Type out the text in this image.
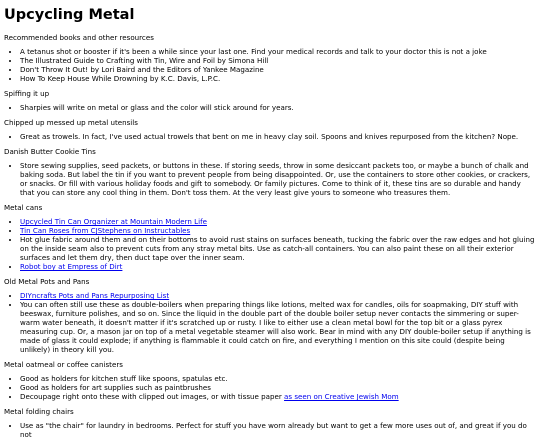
Upcycling Metal

Recommended books and other resources

• A tetanus shot or booster if it's been a while since your last one. Find your medical records and talk to your doctor this is not a joke
• The Illustrated Guide to Crafting with Tin, Wire and Foil by Simona Hill
• Don't Throw It Out! by Lori Baird and the Editors of Yankee Magazine
• How To Keep House While Drowning by K.C. Davis, L.P.C.

Spiffing it up

• Sharpies will write on metal or glass and the color will stick around for years.

Chipped up messed up metal utensils

• Great as trowels. In fact, I've used actual trowels that bent on me in heavy clay soil. Spoons and knives repurposed from the kitchen? Nope.

Danish Butter Cookie Tins

• Store sewing supplies, seed packets, or buttons in these. If storing seeds, throw in some desiccant packets too, or maybe a bunch of chalk and baking soda. But label the tin if you want to prevent people from being disappointed. Or, use the containers to store other cookies, or crackers, or snacks. Or fill with various holiday foods and gift to somebody. Or family pictures. Come to think of it, these tins are so durable and handy that you can store any cool thing in them. Don't toss them. At the very least give yours to someone who treasures them.

Metal cans

• Upcycled Tin Can Organizer at Mountain Modern Life
• Tin Can Roses from CJStephens on Instructables
• Hot glue fabric around them and on their bottoms to avoid rust stains on surfaces beneath, tucking the fabric over the raw edges and hot gluing on the inside seam also to prevent cuts from any stray metal bits. Use as catch-all containers. You can also paint these on all their exterior surfaces and let them dry, then duct tape over the inner seam.
• Robot boy at Empress of Dirt

Old Metal Pots and Pans

• DIYncrafts Pots and Pans Repurposing List
• You can often still use these as double-boilers when preparing things like lotions, melted wax for candles, oils for soapmaking, DIY stuff with beeswax, furniture polishes, and so on. Since the liquid in the double part of the double boiler setup never contacts the simmering or super-warm water beneath, it doesn't matter if it's scratched up or rusty. I like to either use a clean metal bowl for the top bit or a glass pyrex measuring cup. Or, a mason jar on top of a metal vegetable steamer will also work. Bear in mind with any DIY double-boiler setup if anything is made of glass it could explode; if anything is flammable it could catch on fire, and everything I mention on this site could (despite being unlikely) in theory kill you.

Metal oatmeal or coffee canisters

• Good as holders for kitchen stuff like spoons, spatulas etc.
• Good as holders for art supplies such as paintbrushes
• Decoupage right onto these with clipped out images, or with tissue paper as seen on Creative Jewish Mom

Metal folding chairs

• Use as "the chair" for laundry in bedrooms. Perfect for stuff you have worn already but want to get a few more uses out of, and great if you do not
